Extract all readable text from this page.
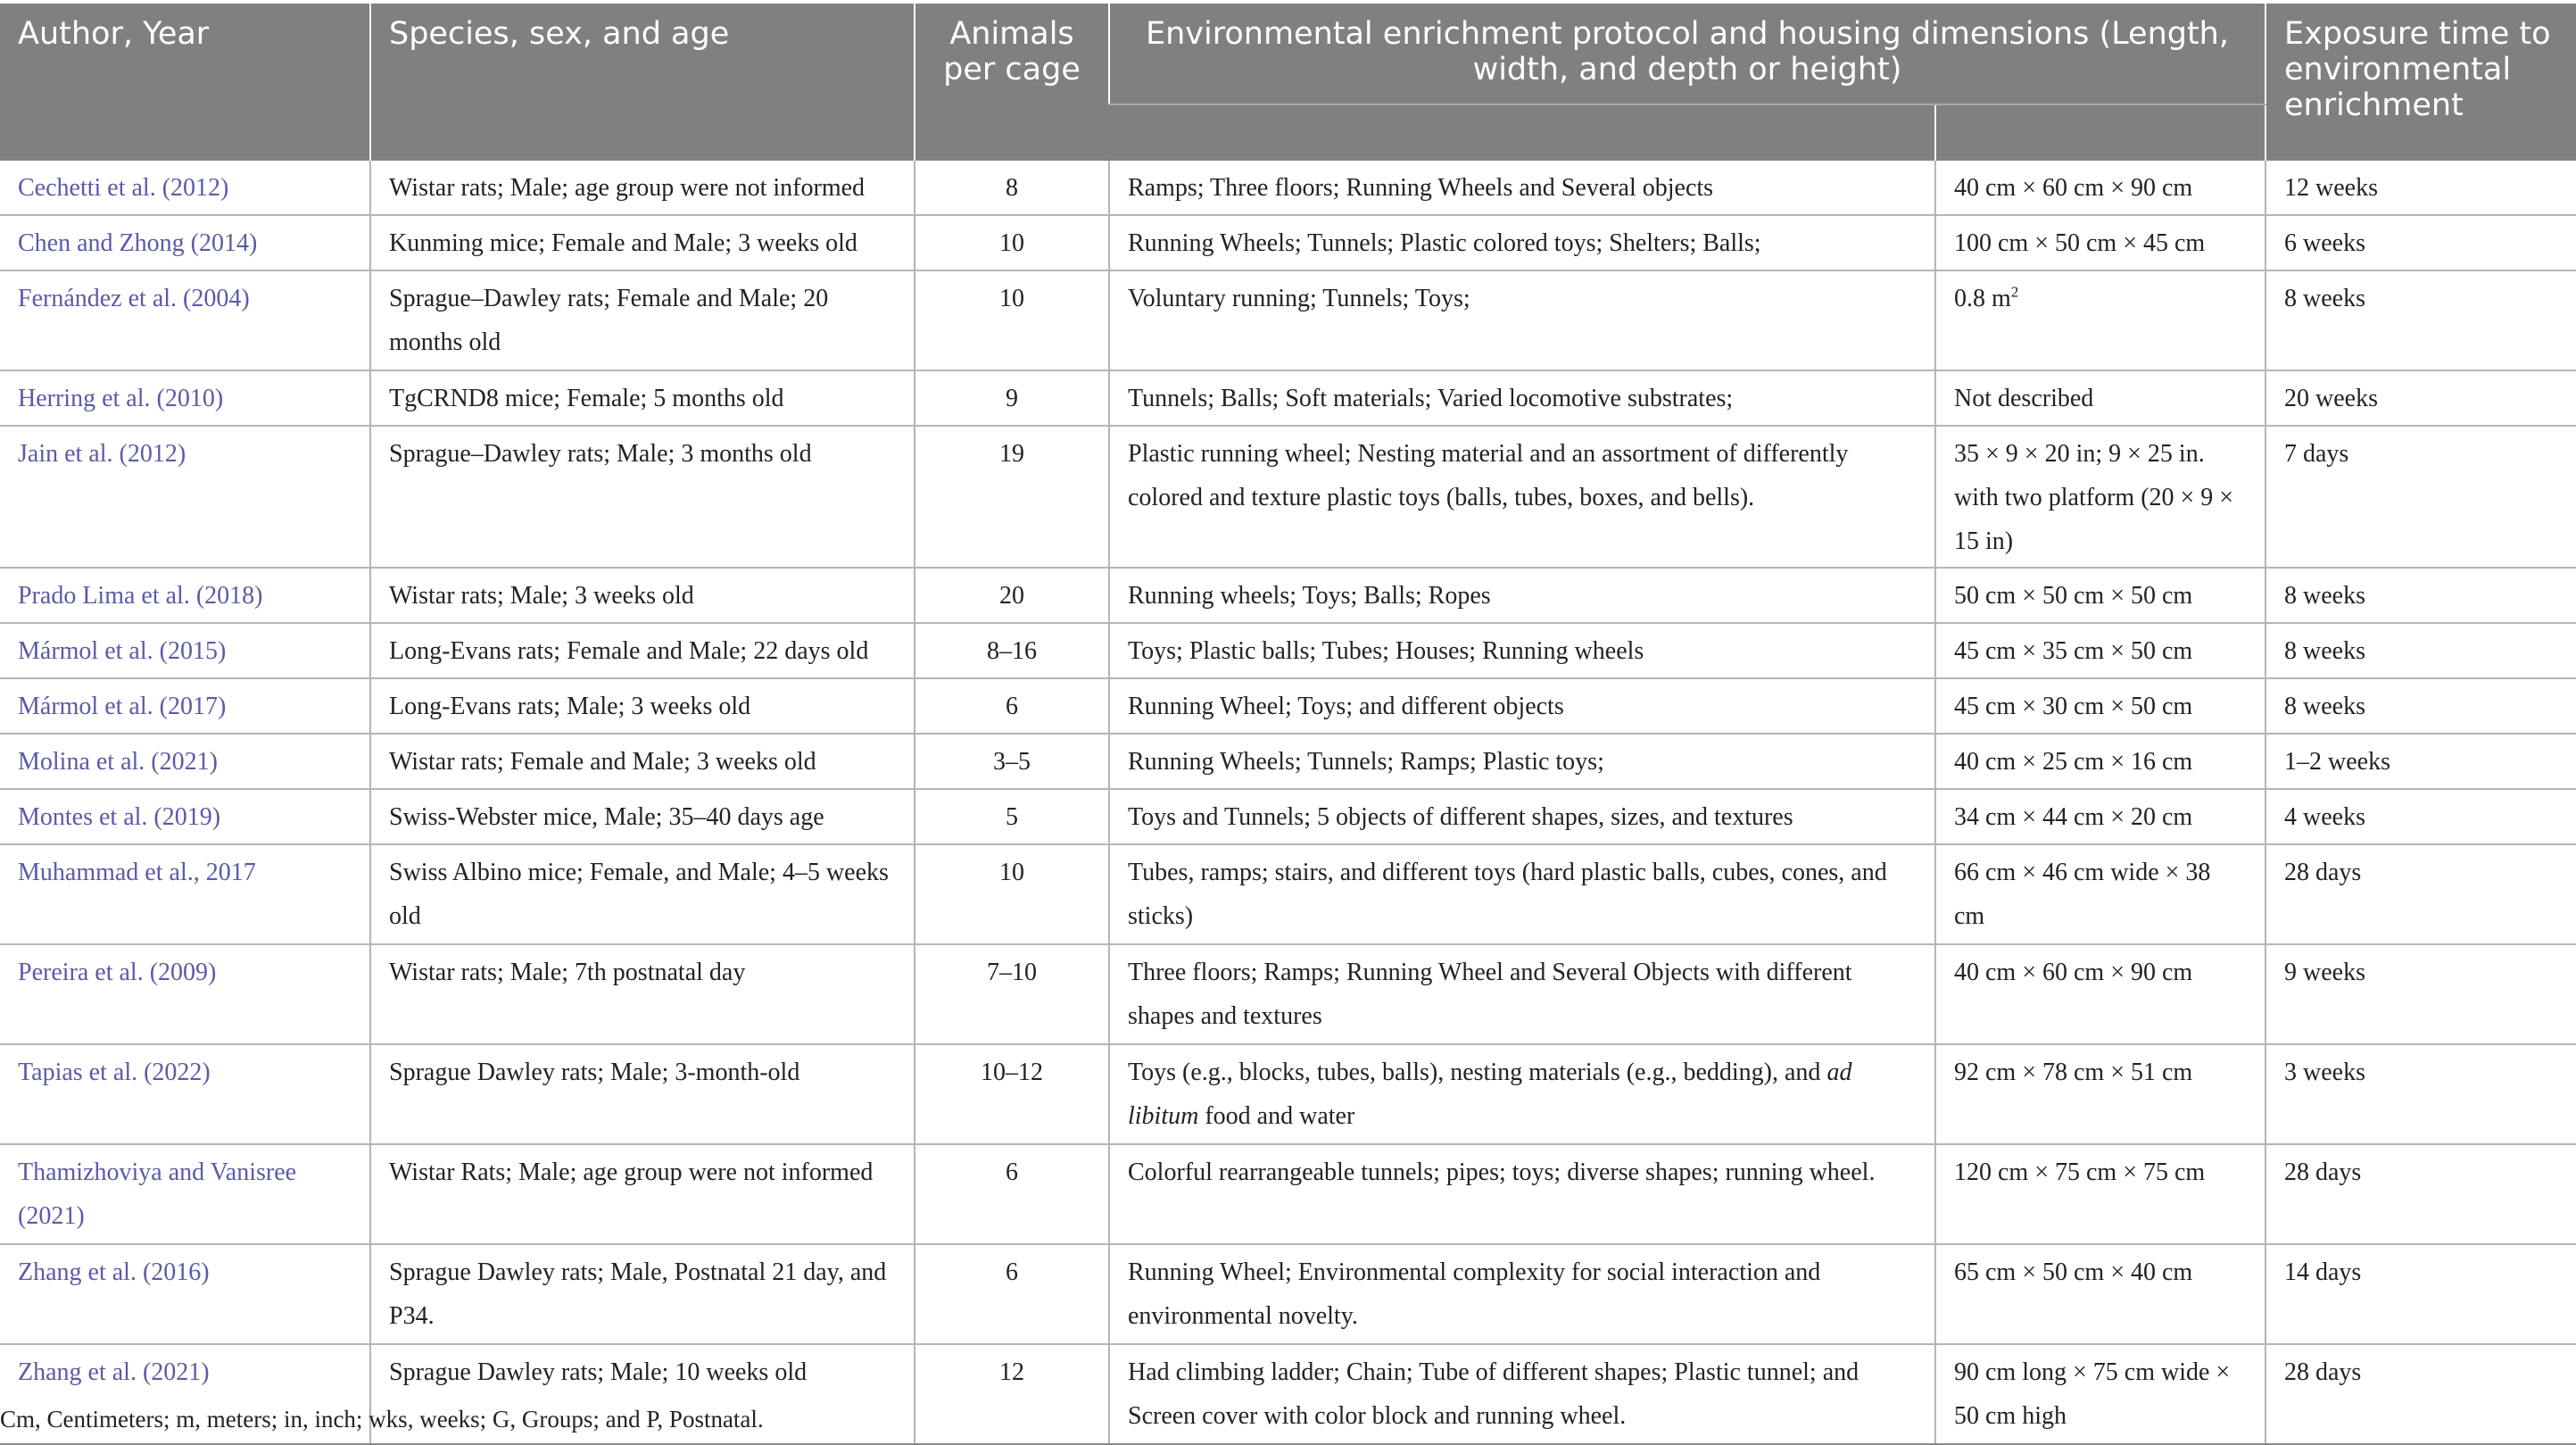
Author, Year	Species, sex, and age	Animals per cage	Environmental enrichment protocol and housing dimensions (Length, width, and depth or height)		Exposure time to environmental enrichment

Cechetti et al. (2012)	Wistar rats; Male; age group were not informed	8	Ramps; Three floors; Running Wheels and Several objects	40 cm × 60 cm × 90 cm	12 weeks
Chen and Zhong (2014)	Kunming mice; Female and Male; 3 weeks old	10	Running Wheels; Tunnels; Plastic colored toys; Shelters; Balls;	100 cm × 50 cm × 45 cm	6 weeks
Fernández et al. (2004)	Sprague–Dawley rats; Female and Male; 20 months old	10	Voluntary running; Tunnels; Toys;	0.8 $m^2$	8 weeks
Herring et al. (2010)	TgCRND8 mice; Female; 5 months old	9	Tunnels; Balls; Soft materials; Varied locomotive substrates;	Not described	20 weeks
Jain et al. (2012)	Sprague–Dawley rats; Male; 3 months old	19	Plastic running wheel; Nesting material and an assortment of differently colored and texture plastic toys (balls, tubes, boxes, and bells).	35 × 9 × 20 in; 9 × 25 in. with two platform (20 × 9 × 15 in)	7 days
Prado Lima et al. (2018)	Wistar rats; Male; 3 weeks old	20	Running wheels; Toys; Balls; Ropes	50 cm × 50 cm × 50 cm	8 weeks
Mármol et al. (2015)	Long-Evans rats; Female and Male; 22 days old	8–16	Toys; Plastic balls; Tubes; Houses; Running wheels	45 cm × 35 cm × 50 cm	8 weeks
Mármol et al. (2017)	Long-Evans rats; Male; 3 weeks old	6	Running Wheel; Toys; and different objects	45 cm × 30 cm × 50 cm	8 weeks
Molina et al. (2021)	Wistar rats; Female and Male; 3 weeks old	3–5	Running Wheels; Tunnels; Ramps; Plastic toys;	40 cm × 25 cm × 16 cm	1–2 weeks
Montes et al. (2019)	Swiss-Webster mice, Male; 35–40 days age	5	Toys and Tunnels; 5 objects of different shapes, sizes, and textures	34 cm × 44 cm × 20 cm	4 weeks
Muhammad et al., 2017	Swiss Albino mice; Female, and Male; 4–5 weeks old	10	Tubes, ramps; stairs, and different toys (hard plastic balls, cubes, cones, and sticks)	66 cm × 46 cm wide × 38 cm	28 days
Pereira et al. (2009)	Wistar rats; Male; 7th postnatal day	7–10	Three floors; Ramps; Running Wheel and Several Objects with different shapes and textures	40 cm × 60 cm × 90 cm	9 weeks
Tapias et al. (2022)	Sprague Dawley rats; Male; 3-month-old	10–12	Toys (e.g., blocks, tubes, balls), nesting materials (e.g., bedding), and ad libitum food and water	92 cm × 78 cm × 51 cm	3 weeks
Thamizhoviya and Vanisree (2021)	Wistar Rats; Male; age group were not informed	6	Colorful rearrangeable tunnels; pipes; toys; diverse shapes; running wheel.	120 cm × 75 cm × 75 cm	28 days
Zhang et al. (2016)	Sprague Dawley rats; Male, Postnatal 21 day, and P34.	6	Running Wheel; Environmental complexity for social interaction and environmental novelty.	65 cm × 50 cm × 40 cm	14 days
Zhang et al. (2021)	Sprague Dawley rats; Male; 10 weeks old	12	Had climbing ladder; Chain; Tube of different shapes; Plastic tunnel; and Screen cover with color block and running wheel.	90 cm long × 75 cm wide × 50 cm high	28 days
Cm, Centimeters; m, meters; in, inch; wks, weeks; G, Groups; and P, Postnatal.
